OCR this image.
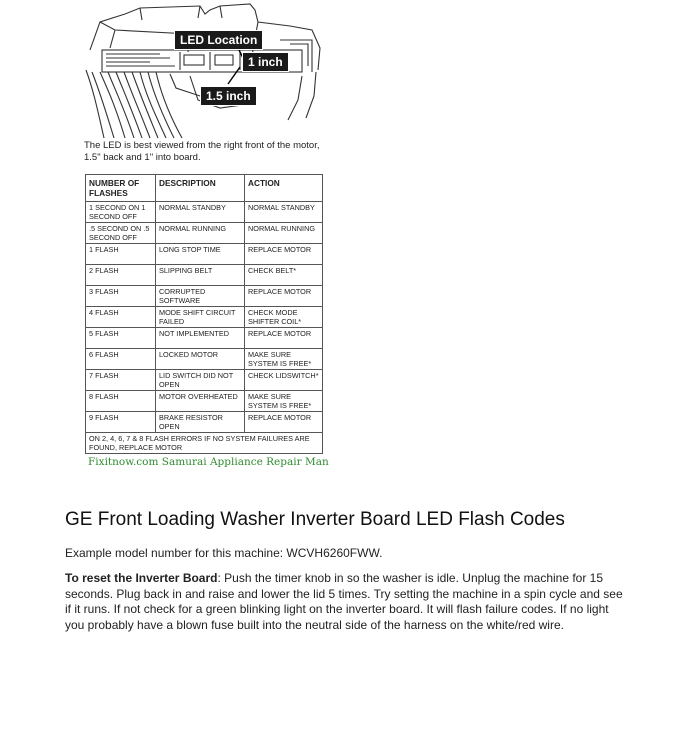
LED Location
1 inch
1.5 inch
The LED is best viewed from the right front of the motor, 1.5" back and 1" into board.
NUMBER OF FLASHES	DESCRIPTION	ACTION
1 SECOND ON 1 SECOND OFF	NORMAL STANDBY	NORMAL STANDBY
.5 SECOND ON .5 SECOND OFF	NORMAL RUNNING	NORMAL RUNNING
1 FLASH	LONG STOP TIME	REPLACE MOTOR
2 FLASH	SLIPPING BELT	CHECK BELT*
3 FLASH	CORRUPTED SOFTWARE	REPLACE MOTOR
4 FLASH	MODE SHIFT CIRCUIT FAILED	CHECK MODE SHIFTER COIL*
5 FLASH	NOT IMPLEMENTED	REPLACE MOTOR
6 FLASH	LOCKED MOTOR	MAKE SURE SYSTEM IS FREE*
7 FLASH	LID SWITCH DID NOT OPEN	CHECK LIDSWITCH*
8 FLASH	MOTOR OVERHEATED	MAKE SURE SYSTEM IS FREE*
9 FLASH	BRAKE RESISTOR OPEN	REPLACE MOTOR
ON 2, 4, 6, 7 & 8 FLASH ERRORS IF NO SYSTEM FAILURES ARE FOUND, REPLACE MOTOR		
Fixitnow.com Samurai Appliance Repair Man
GE Front Loading Washer Inverter Board LED Flash Codes

Example model number for this machine: WCVH6260FWW.

To reset the Inverter Board: Push the timer knob in so the washer is idle. Unplug the machine for 15 seconds. Plug back in and raise and lower the lid 5 times. Try setting the machine in a spin cycle and see if it runs. If not check for a green blinking light on the inverter board. It will flash failure codes. If no light you probably have a blown fuse built into the neutral side of the harness on the white/red wire.
